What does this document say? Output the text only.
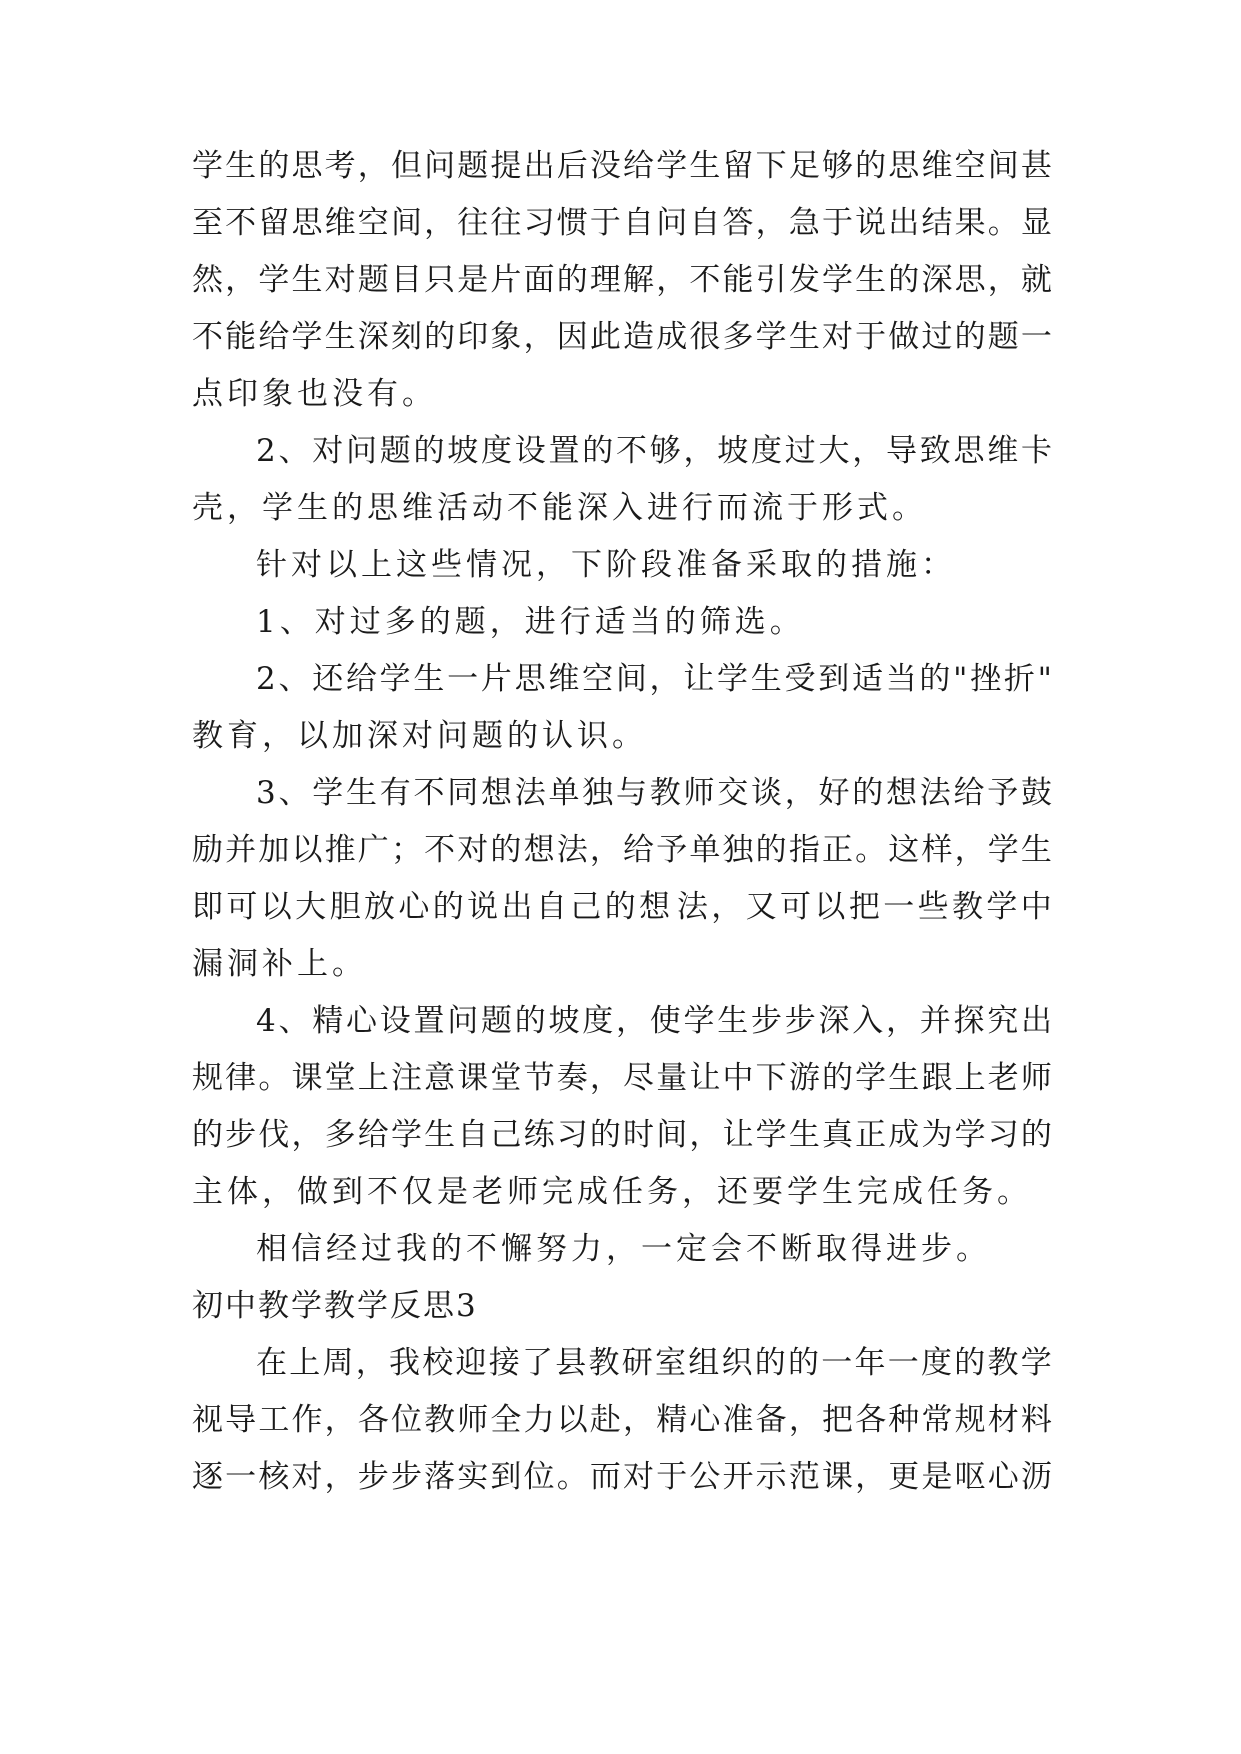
学 生 的 思 考 ， 但 问 题 提 出 后 没 给 学 生 留 下 足 够 的 思 维 空 间 甚
至 不 留 思 维 空 间 ， 往 往 习 惯 于 自 问 自 答 ， 急 于 说 出 结 果 。 显
然 ， 学 生 对 题 目 只 是 片 面 的 理 解 ， 不 能 引 发 学 生 的 深 思 ， 就
不 能 给 学 生 深 刻 的 印 象 ， 因 此 造 成 很 多 学 生 对 于 做 过 的 题 一
点印象也没有。
2 、 对 问 题 的 坡 度 设 置 的 不 够 ， 坡 度 过 大 ， 导 致 思 维 卡
壳，学生的思维活动不能深入进行而流于形式。
针对以上这些情况，下阶段准备采取的措施：
1、对过多的题，进行适当的筛选。
2 、 还 给 学 生 一 片 思 维 空 间 ， 让 学 生 受 到 适 当 的 " 挫 折 "
教育，以加深对问题的认识。
3 、 学 生 有 不 同 想 法 单 独 与 教 师 交 谈 ， 好 的 想 法 给 予 鼓
励 并 加 以 推 广 ； 不 对 的 想 法 ， 给 予 单 独 的 指 正 。 这 样 ， 学 生
即 可 以 大 胆 放 心 的 说 出 自 己 的 想 法 ， 又 可 以 把 一 些 教 学 中
漏洞补上。
4 、 精 心 设 置 问 题 的 坡 度 ， 使 学 生 步 步 深 入 ， 并 探 究 出
规 律 。 课 堂 上 注 意 课 堂 节 奏 ， 尽 量 让 中 下 游 的 学 生 跟 上 老 师
的 步 伐 ， 多 给 学 生 自 己 练 习 的 时 间 ， 让 学 生 真 正 成 为 学 习 的
主体，做到不仅是老师完成任务，还要学生完成任务。
相信经过我的不懈努力，一定会不断取得进步。
初中教学教学反思3
在 上 周 ， 我 校 迎 接 了 县 教 研 室 组 织 的 的 一 年 一 度 的 教 学
视 导 工 作 ， 各 位 教 师 全 力 以 赴 ， 精 心 准 备 ， 把 各 种 常 规 材 料
逐 一 核 对 ， 步 步 落 实 到 位 。 而 对 于 公 开 示 范 课 ， 更 是 呕 心 沥
